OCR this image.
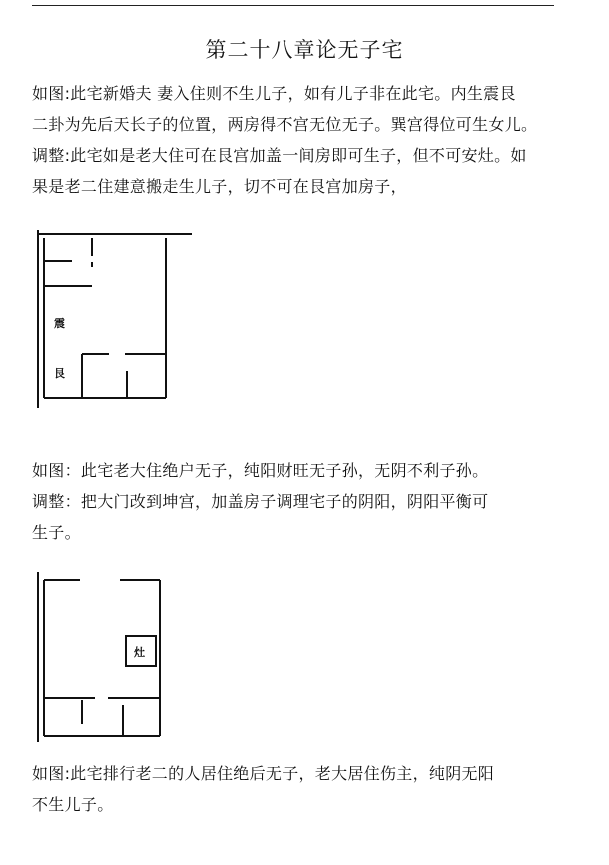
第二十八章论无子宅
如图:此宅新婚夫 妻入住则不生儿子，如有儿子非在此宅。内生震艮
二卦为先后天长子的位置，两房得不宫无位无子。巽宫得位可生女儿。
调整:此宅如是老大住可在艮宫加盖一间房即可生子，但不可安灶。如
果是老二住建意搬走生儿子，切不可在艮宫加房子，
震
艮
如图：此宅老大住绝户无子，纯阳财旺无子孙，无阴不利子孙。
调整：把大门改到坤宫，加盖房子调理宅子的阴阳，阴阳平衡可
生子。
灶
如图:此宅排行老二的人居住绝后无子，老大居住伤主，纯阴无阳
不生儿子。
